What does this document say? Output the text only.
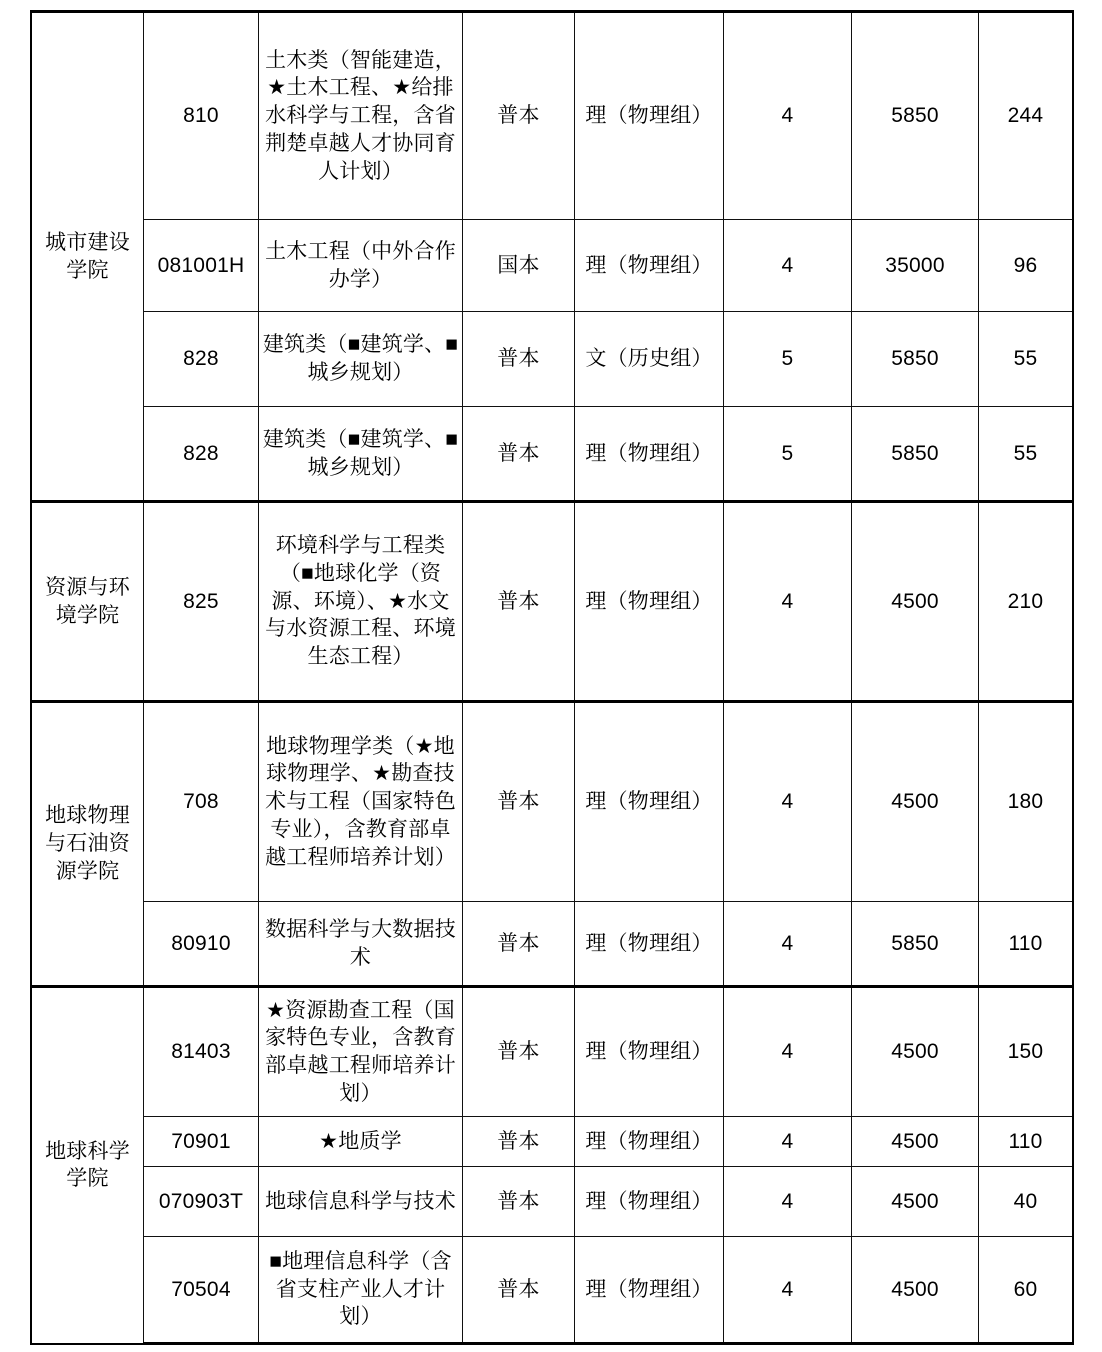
城市建设学院	810	土木类（智能建造，★土木工程、★给排水科学与工程，含省荆楚卓越人才协同育人计划）	普本	理（物理组）	4	5850	244
	081001H	土木工程（中外合作办学）	国本	理（物理组）	4	35000	96
	828	建筑类（■建筑学、■城乡规划）	普本	文（历史组）	5	5850	55
	828	建筑类（■建筑学、■城乡规划）	普本	理（物理组）	5	5850	55
资源与环境学院	825	环境科学与工程类（■地球化学（资源、环境）、★水文与水资源工程、环境生态工程）	普本	理（物理组）	4	4500	210
地球物理与石油资源学院	708	地球物理学类（★地球物理学、★勘查技术与工程（国家特色专业），含教育部卓越工程师培养计划）	普本	理（物理组）	4	4500	180
	80910	数据科学与大数据技术	普本	理（物理组）	4	5850	110
地球科学学院	81403	★资源勘查工程（国家特色专业，含教育部卓越工程师培养计划）	普本	理（物理组）	4	4500	150
	70901	★地质学	普本	理（物理组）	4	4500	110
	070903T	地球信息科学与技术	普本	理（物理组）	4	4500	40
	70504	■地理信息科学（含省支柱产业人才计划）	普本	理（物理组）	4	4500	60
